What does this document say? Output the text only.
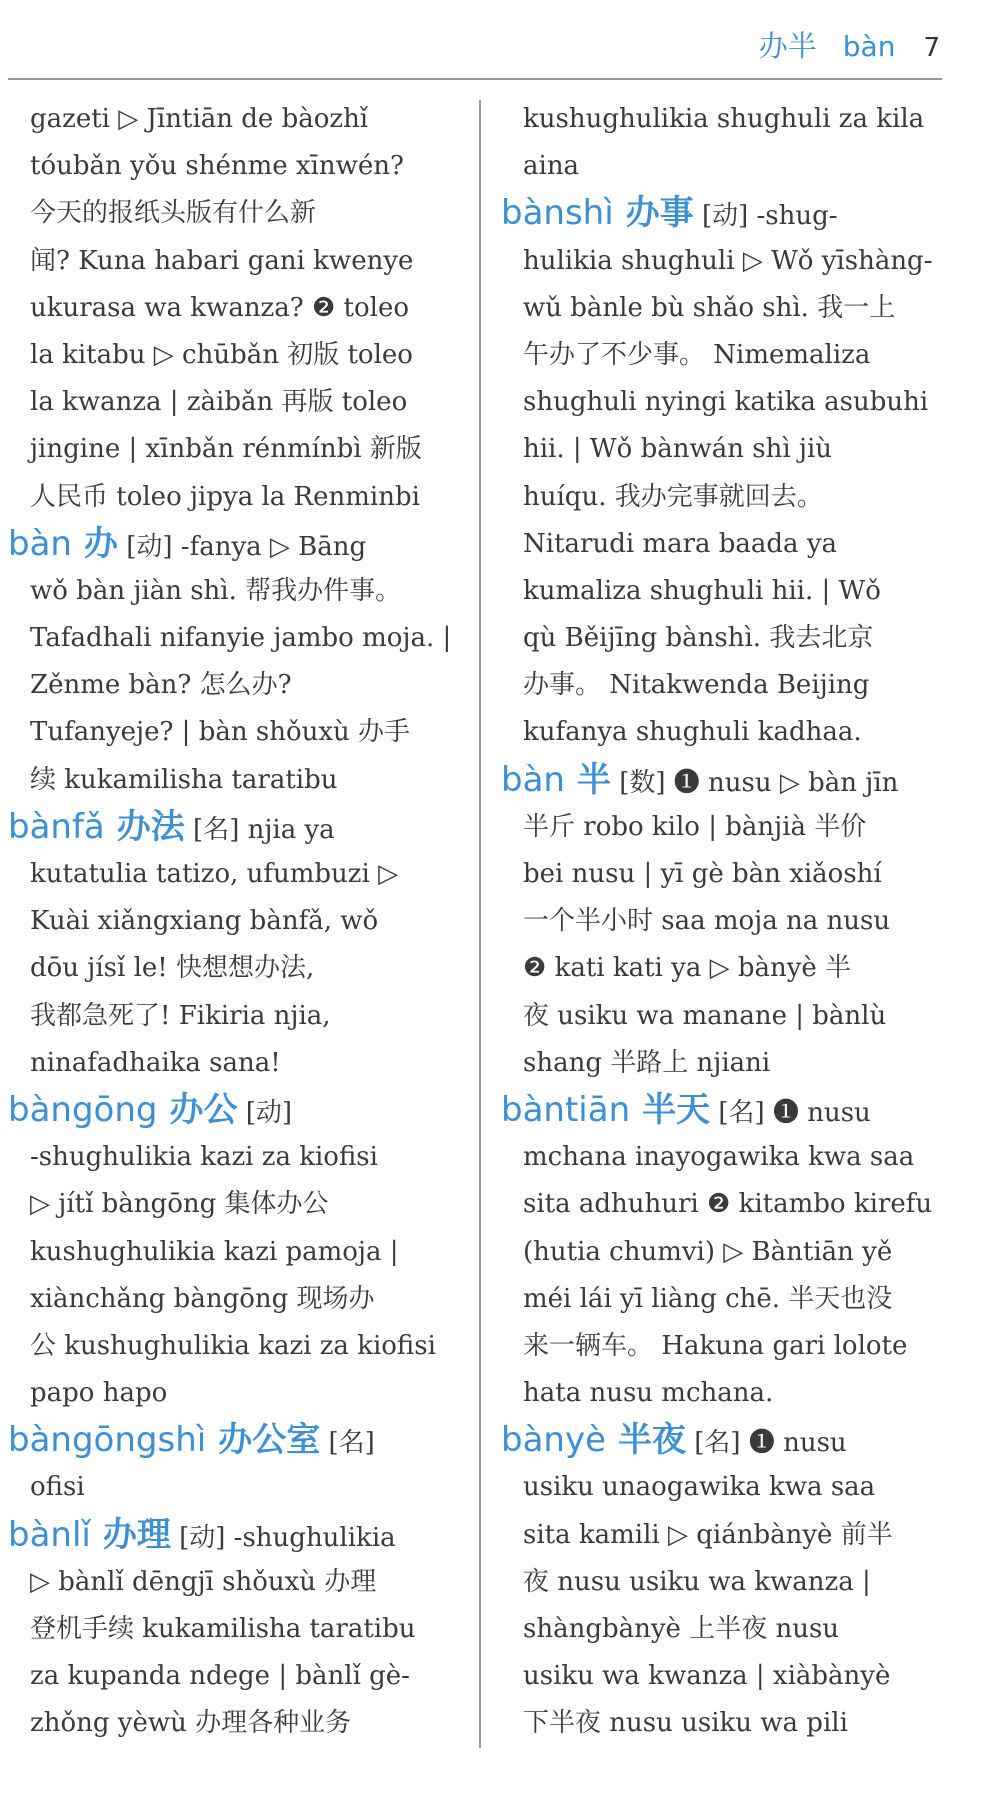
办半 bàn 7
gazeti ▷ Jīntiān de bàozhǐ
tóubǎn yǒu shénme xīnwén?
今天的报纸头版有什么新
闻? Kuna habari gani kwenye
ukurasa wa kwanza? ❷ toleo
la kitabu ▷ chūbǎn 初版 toleo
la kwanza | zàibǎn 再版 toleo
jingine | xīnbǎn rénmínbì 新版
人民币 toleo jipya la Renminbi
bàn 办 [动] -fanya ▷ Bāng
wǒ bàn jiàn shì. 帮我办件事。
Tafadhali nifanyie jambo moja. |
Zěnme bàn? 怎么办?
Tufanyeje? | bàn shǒuxù 办手
续 kukamilisha taratibu
bànfǎ 办法 [名] njia ya
kutatulia tatizo, ufumbuzi ▷
Kuài xiǎngxiang bànfǎ, wǒ
dōu jísǐ le! 快想想办法,
我都急死了! Fikiria njia,
ninafadhaika sana!
bàngōng 办公 [动]
-shughulikia kazi za kiofisi
▷ jítǐ bàngōng 集体办公
kushughulikia kazi pamoja |
xiànchǎng bàngōng 现场办
公 kushughulikia kazi za kiofisi
papo hapo
bàngōngshì 办公室 [名]
ofisi
bànlǐ 办理 [动] -shughulikia
▷ bànlǐ dēngjī shǒuxù 办理
登机手续 kukamilisha taratibu
za kupanda ndege | bànlǐ gè-
zhǒng yèwù 办理各种业务
kushughulikia shughuli za kila
aina
bànshì 办事 [动] -shug-
hulikia shughuli ▷ Wǒ yīshàng-
wǔ bànle bù shǎo shì. 我一上
午办了不少事。 Nimemaliza
shughuli nyingi katika asubuhi
hii. | Wǒ bànwán shì jiù
huíqu. 我办完事就回去。
Nitarudi mara baada ya
kumaliza shughuli hii. | Wǒ
qù Běijīng bànshì. 我去北京
办事。 Nitakwenda Beijing
kufanya shughuli kadhaa.
bàn 半 [数] ❶ nusu ▷ bàn jīn
半斤 robo kilo | bànjià 半价
bei nusu | yī gè bàn xiǎoshí
一个半小时 saa moja na nusu
❷ kati kati ya ▷ bànyè 半
夜 usiku wa manane | bànlù
shang 半路上 njiani
bàntiān 半天 [名] ❶ nusu
mchana inayogawika kwa saa
sita adhuhuri ❷ kitambo kirefu
(hutia chumvi) ▷ Bàntiān yě
méi lái yī liàng chē. 半天也没
来一辆车。 Hakuna gari lolote
hata nusu mchana.
bànyè 半夜 [名] ❶ nusu
usiku unaogawika kwa saa
sita kamili ▷ qiánbànyè 前半
夜 nusu usiku wa kwanza |
shàngbànyè 上半夜 nusu
usiku wa kwanza | xiàbànyè
下半夜 nusu usiku wa pili
